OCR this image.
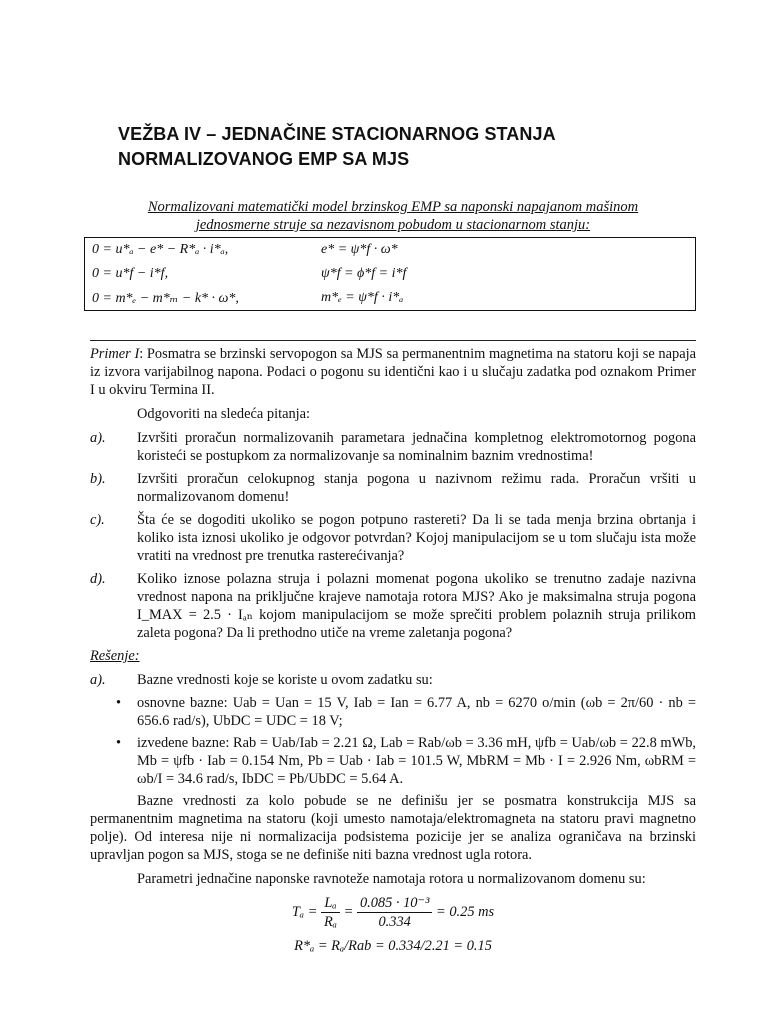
VEŽBA IV – JEDNAČINE STACIONARNOG STANJA
NORMALIZOVANOG EMP SA MJS
Normalizovani matematički model brzinskog EMP sa naponski napajanom mašinom
jednosmerne struje sa nezavisnom pobudom u stacionarnom stanju:
0 = u*ₐ − e* − R*ₐ · i*ₐ,	e* = ψ*f · ω*
0 = u*f − i*f,	ψ*f = ϕ*f = i*f
0 = m*ₑ − m*ₘ − k* · ω*,	m*ₑ = ψ*f · i*ₐ

Primer I: Posmatra se brzinski servopogon sa MJS sa permanentnim magnetima na statoru koji se napaja iz izvora varijabilnog napona. Podaci o pogonu su identični kao i u slučaju zadatka pod oznakom Primer I u okviru Termina II.

Odgovoriti na sledeća pitanja:

a).	Izvršiti proračun normalizovanih parametara jednačina kompletnog elektromotornog pogona koristeći se postupkom za normalizovanje sa nominalnim baznim vrednostima!
b).	Izvršiti proračun celokupnog stanja pogona u nazivnom režimu rada. Proračun vršiti u normalizovanom domenu!
c).	Šta će se dogoditi ukoliko se pogon potpuno rastereti? Da li se tada menja brzina obrtanja i koliko ista iznosi ukoliko je odgovor potvrdan? Kojoj manipulacijom se u tom slučaju ista može vratiti na vrednost pre trenutka rasterećivanja?
d).	Koliko iznose polazna struja i polazni momenat pogona ukoliko se trenutno zadaje nazivna vrednost napona na priključne krajeve namotaja rotora MJS? Ako je maksimalna struja pogona I_MAX = 2.5 · Iₐₙ kojom manipulacijom se može sprečiti problem polaznih struja prilikom zaleta pogona? Da li prethodno utiče na vreme zaletanja pogona?

Rešenje:

a).	Bazne vrednosti koje se koriste u ovom zadatku su:
•	osnovne bazne: Uab = Uan = 15 V, Iab = Ian = 6.77 A, nb = 6270 o/min (ωb = 2π/60 · nb = 656.6 rad/s), UbDC = UDC = 18 V;
•	izvedene bazne: Rab = Uab/Iab = 2.21 Ω, Lab = Rab/ωb = 3.36 mH, ψfb = Uab/ωb = 22.8 mWb, Mb = ψfb · Iab = 0.154 Nm, Pb = Uab · Iab = 101.5 W, MbRM = Mb · I = 2.926 Nm, ωbRM = ωb/I = 34.6 rad/s, IbDC = Pb/UbDC = 5.64 A.

Bazne vrednosti za kolo pobude se ne definišu jer se posmatra konstrukcija MJS sa permanentnim magnetima na statoru (koji umesto namotaja/elektromagneta na statoru pravi magnetno polje). Od interesa nije ni normalizacija podsistema pozicije jer se analiza ograničava na brzinski upravljan pogon sa MJS, stoga se ne definiše niti bazna vrednost ugla rotora.

Parametri jednačine naponske ravnoteže namotaja rotora u normalizovanom domenu su:

$T_a = \frac{\text{Lₐ}}{\text{Rₐ}} = \frac{\text{0.085 · 10⁻³}}{0.334} = 0.25$ ms
R*ₐ = Rₐ/Rab = 0.334/2.21 = 0.15
